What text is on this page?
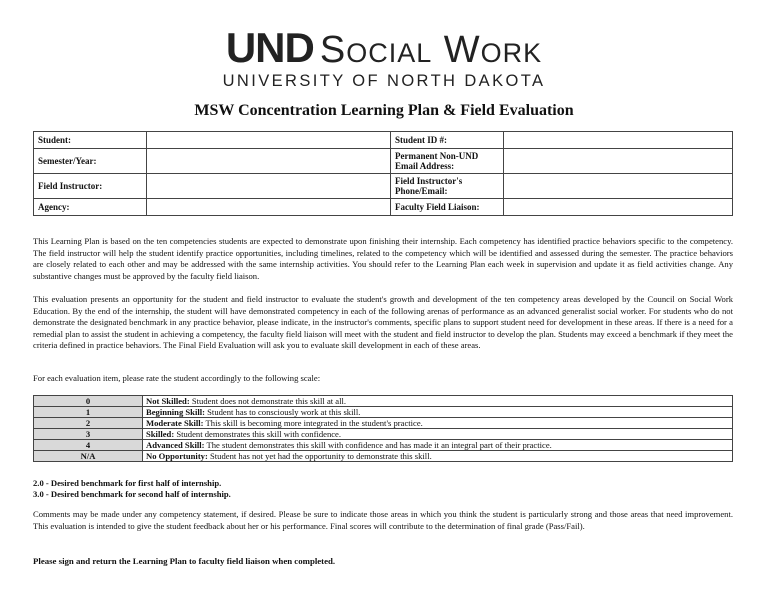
UND Social Work
UNIVERSITY OF NORTH DAKOTA
MSW Concentration Learning Plan & Field Evaluation
Student:		Student ID #:	
Semester/Year:		Permanent Non-UND Email Address:	
Field Instructor:		Field Instructor's Phone/Email:	
Agency:		Faculty Field Liaison:	
This Learning Plan is based on the ten competencies students are expected to demonstrate upon finishing their internship. Each competency has identified practice behaviors specific to the competency. The field instructor will help the student identify practice opportunities, including timelines, related to the competency which will be identified and assessed during the semester. The practice behaviors are closely related to each other and may be addressed with the same internship activities. You should refer to the Learning Plan each week in supervision and update it as field activities change. Any substantive changes must be approved by the faculty field liaison.
This evaluation presents an opportunity for the student and field instructor to evaluate the student's growth and development of the ten competency areas developed by the Council on Social Work Education. By the end of the internship, the student will have demonstrated competency in each of the following arenas of performance as an advanced generalist social worker. For students who do not demonstrate the designated benchmark in any practice behavior, please indicate, in the instructor's comments, specific plans to support student need for development in these areas. If there is a need for a remedial plan to assist the student in achieving a competency, the faculty field liaison will meet with the student and field instructor to develop the plan. Students may exceed a benchmark if they meet the criteria defined in practice behaviors. The Final Field Evaluation will ask you to evaluate skill development in each of these areas.
For each evaluation item, please rate the student accordingly to the following scale:
0	Not Skilled: Student does not demonstrate this skill at all.
1	Beginning Skill: Student has to consciously work at this skill.
2	Moderate Skill: This skill is becoming more integrated in the student's practice.
3	Skilled: Student demonstrates this skill with confidence.
4	Advanced Skill: The student demonstrates this skill with confidence and has made it an integral part of their practice.
N/A	No Opportunity: Student has not yet had the opportunity to demonstrate this skill.
2.0 - Desired benchmark for first half of internship.
3.0 - Desired benchmark for second half of internship.
Comments may be made under any competency statement, if desired. Please be sure to indicate those areas in which you think the student is particularly strong and those areas that need improvement. This evaluation is intended to give the student feedback about her or his performance. Final scores will contribute to the determination of final grade (Pass/Fail).
Please sign and return the Learning Plan to faculty field liaison when completed.
